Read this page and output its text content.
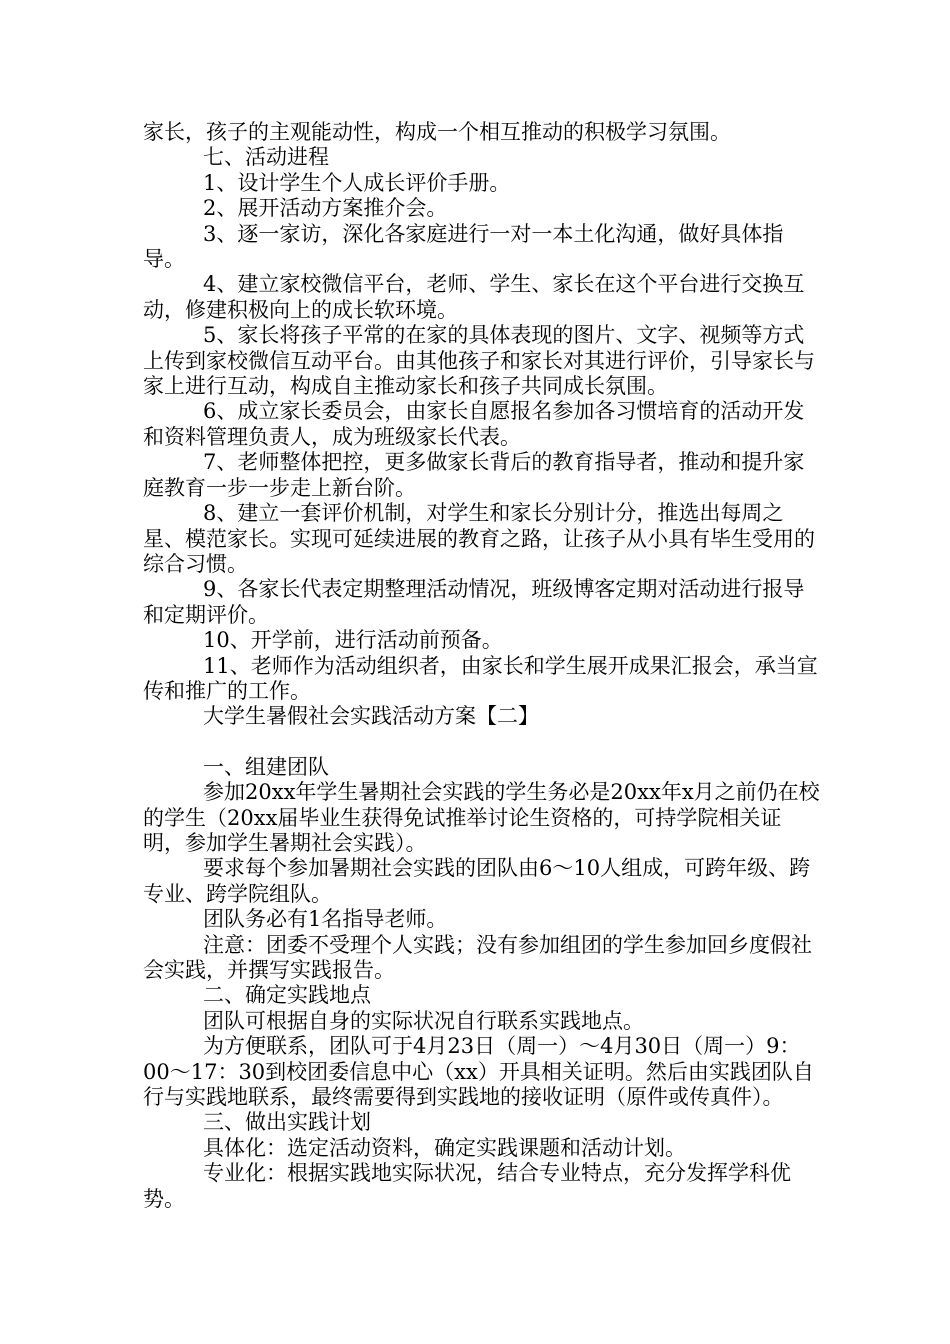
家长，孩子的主观能动性，构成一个相互推动的积极学习氛围。

七、活动进程

1、设计学生个人成长评价手册。

2、展开活动方案推介会。

3、逐一家访，深化各家庭进行一对一本土化沟通，做好具体指导。

4、建立家校微信平台，老师、学生、家长在这个平台进行交换互动，修建积极向上的成长软环境。

5、家长将孩子平常的在家的具体表现的图片、文字、视频等方式上传到家校微信互动平台。由其他孩子和家长对其进行评价，引导家长与家上进行互动，构成自主推动家长和孩子共同成长氛围。

6、成立家长委员会，由家长自愿报名参加各习惯培育的活动开发和资料管理负责人，成为班级家长代表。

7、老师整体把控，更多做家长背后的教育指导者，推动和提升家庭教育一步一步走上新台阶。

8、建立一套评价机制，对学生和家长分别计分，推选出每周之星、模范家长。实现可延续进展的教育之路，让孩子从小具有毕生受用的综合习惯。

9、各家长代表定期整理活动情况，班级博客定期对活动进行报导和定期评价。

10、开学前，进行活动前预备。

11、老师作为活动组织者，由家长和学生展开成果汇报会，承当宣传和推广的工作。

大学生暑假社会实践活动方案【二】

一、组建团队

参加20xx年学生暑期社会实践的学生务必是20xx年x月之前仍在校的学生（20xx届毕业生获得免试推举讨论生资格的，可持学院相关证明，参加学生暑期社会实践）。

要求每个参加暑期社会实践的团队由6～10人组成，可跨年级、跨专业、跨学院组队。

团队务必有1名指导老师。

注意：团委不受理个人实践；没有参加组团的学生参加回乡度假社会实践，并撰写实践报告。

二、确定实践地点

团队可根据自身的实际状况自行联系实践地点。

为方便联系，团队可于4月23日（周一）～4月30日（周一）9：00～17：30到校团委信息中心（xx）开具相关证明。然后由实践团队自行与实践地联系，最终需要得到实践地的接收证明（原件或传真件）。

三、做出实践计划

具体化：选定活动资料，确定实践课题和活动计划。

专业化：根据实践地实际状况，结合专业特点，充分发挥学科优势。
